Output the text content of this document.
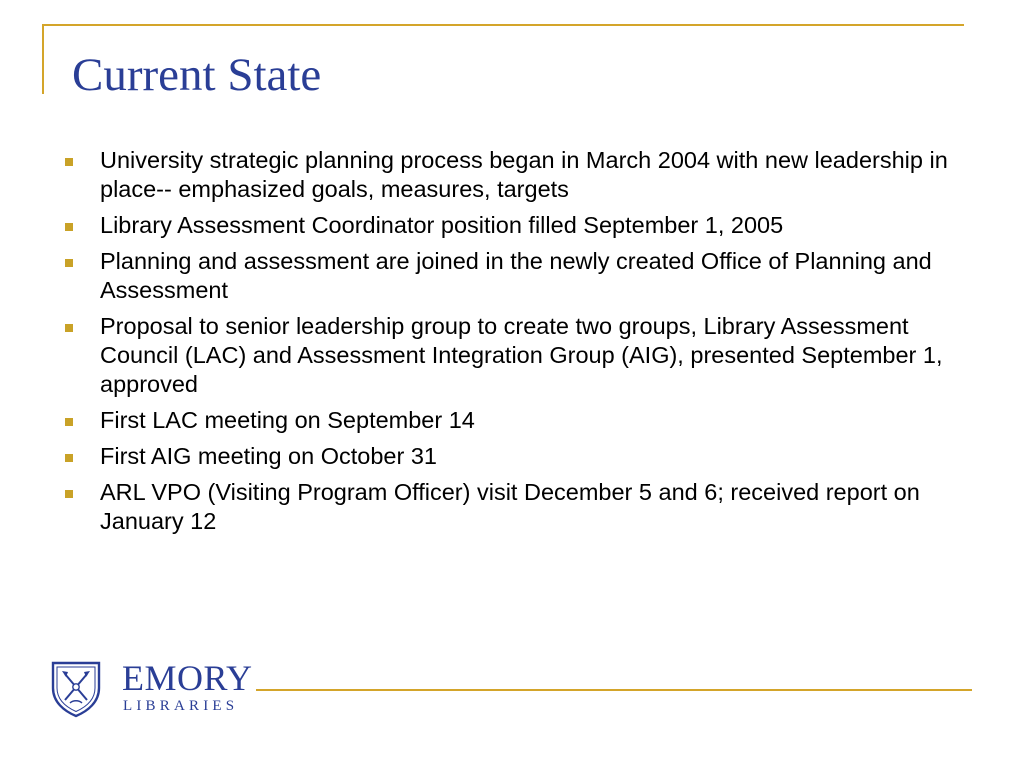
Current State
University strategic planning process began in March 2004 with new leadership in place-- emphasized goals, measures, targets
Library Assessment Coordinator position filled September 1, 2005
Planning and assessment are joined in the newly created Office of Planning and Assessment
Proposal to senior leadership group to create two groups, Library Assessment Council (LAC) and Assessment Integration Group (AIG), presented September 1, approved
First LAC meeting on September 14
First AIG meeting on October 31
ARL VPO (Visiting Program Officer) visit December 5 and 6; received report on January 12
EMORY
LIBRARIES
